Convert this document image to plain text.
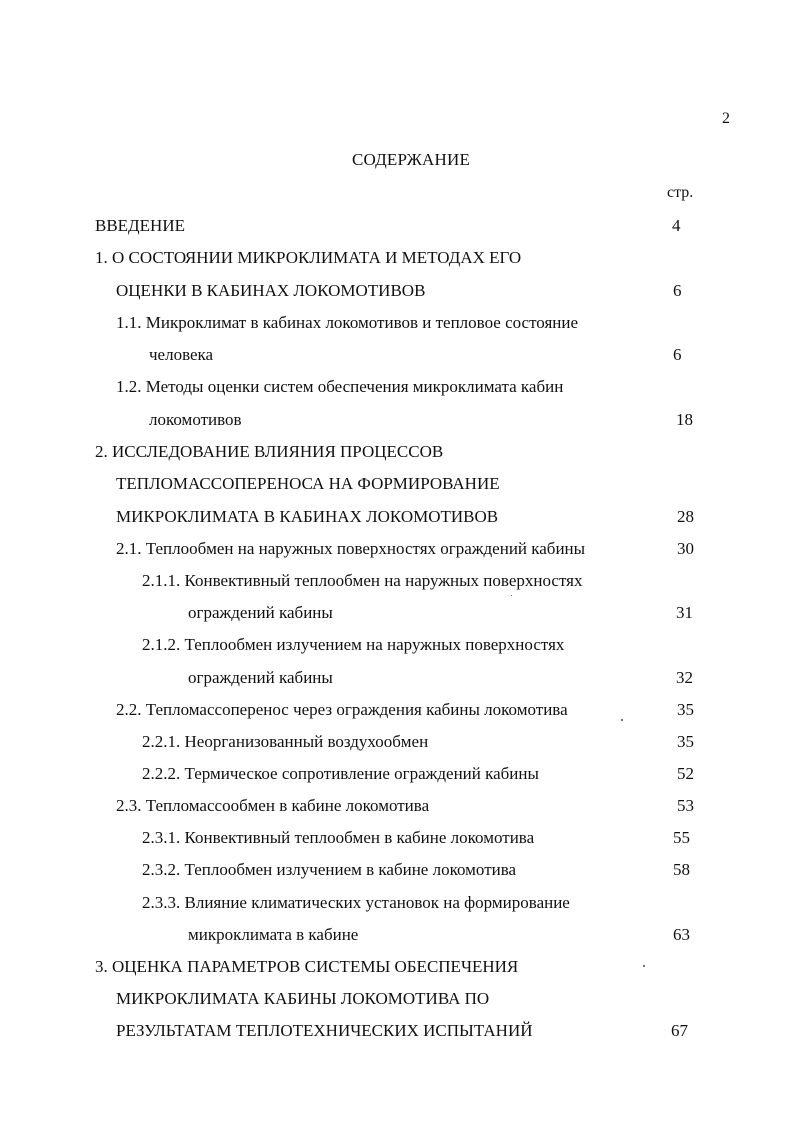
2
СОДЕРЖАНИЕ
стр.
ВВЕДЕНИЕ	4
1. О СОСТОЯНИИ МИКРОКЛИМАТА И МЕТОДАХ ЕГО
ОЦЕНКИ В КАБИНАХ ЛОКОМОТИВОВ	6
1.1. Микроклимат в кабинах локомотивов и тепловое состояние
человека	6
1.2. Методы оценки систем обеспечения микроклимата кабин
локомотивов	18
2. ИССЛЕДОВАНИЕ ВЛИЯНИЯ ПРОЦЕССОВ
ТЕПЛОМАССОПЕРЕНОСА НА ФОРМИРОВАНИЕ
МИКРОКЛИМАТА В КАБИНАХ ЛОКОМОТИВОВ	28
2.1. Теплообмен на наружных поверхностях ограждений кабины	30
2.1.1. Конвективный теплообмен на наружных поверхностях
ограждений кабины	31
2.1.2. Теплообмен излучением на наружных поверхностях
ограждений кабины	32
2.2. Тепломассоперенос через ограждения кабины локомотива	35
2.2.1. Неорганизованный воздухообмен	35
2.2.2. Термическое сопротивление ограждений кабины	52
2.3. Тепломассообмен в кабине локомотива	53
2.3.1. Конвективный теплообмен в кабине локомотива	55
2.3.2. Теплообмен излучением в кабине локомотива	58
2.3.3. Влияние климатических установок на формирование
микроклимата в кабине	63
3. ОЦЕНКА ПАРАМЕТРОВ СИСТЕМЫ ОБЕСПЕЧЕНИЯ
МИКРОКЛИМАТА КАБИНЫ ЛОКОМОТИВА ПО
РЕЗУЛЬТАТАМ ТЕПЛОТЕХНИЧЕСКИХ ИСПЫТАНИЙ	67
